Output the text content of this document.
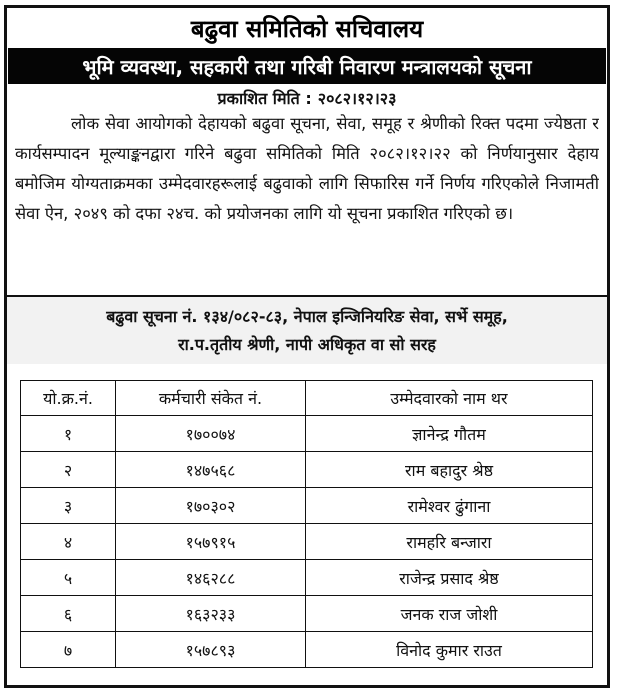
बढुवा समितिको सचिवालय
भूमि व्यवस्था, सहकारी तथा गरिबी निवारण मन्त्रालयको सूचना
प्रकाशित मिति : २०८२।१२।२३
लोक सेवा आयोगको देहायको बढुवा सूचना, सेवा, समूह र श्रेणीको रिक्त पदमा ज्येष्ठता र कार्यसम्पादन मूल्याङ्कनद्वारा गरिने बढुवा समितिको मिति २०८२।१२।२२ को निर्णयानुसार देहाय बमोजिम योग्यताक्रमका उम्मेदवारहरूलाई बढुवाको लागि सिफारिस गर्ने निर्णय गरिएकोले निजामती सेवा ऐन, २०४९ को दफा २४च. को प्रयोजनका लागि यो सूचना प्रकाशित गरिएको छ।
बढुवा सूचना नं. १३४/०८२-८३, नेपाल इन्जिनियरिङ सेवा, सर्भे समूह,
रा.प.तृतीय श्रेणी, नापी अधिकृत वा सो सरह
यो.क्र.नं.	कर्मचारी संकेत नं.	उम्मेदवारको नाम थर
१	१७००७४	ज्ञानेन्द्र गौतम
२	१४७५६८	राम बहादुर श्रेष्ठ
३	१७०३०२	रामेश्वर ढुंगाना
४	१५७९१५	रामहरि बन्जारा
५	१४६२८८	राजेन्द्र प्रसाद श्रेष्ठ
६	१६३२३३	जनक राज जोशी
७	१५७८९३	विनोद कुमार राउत
